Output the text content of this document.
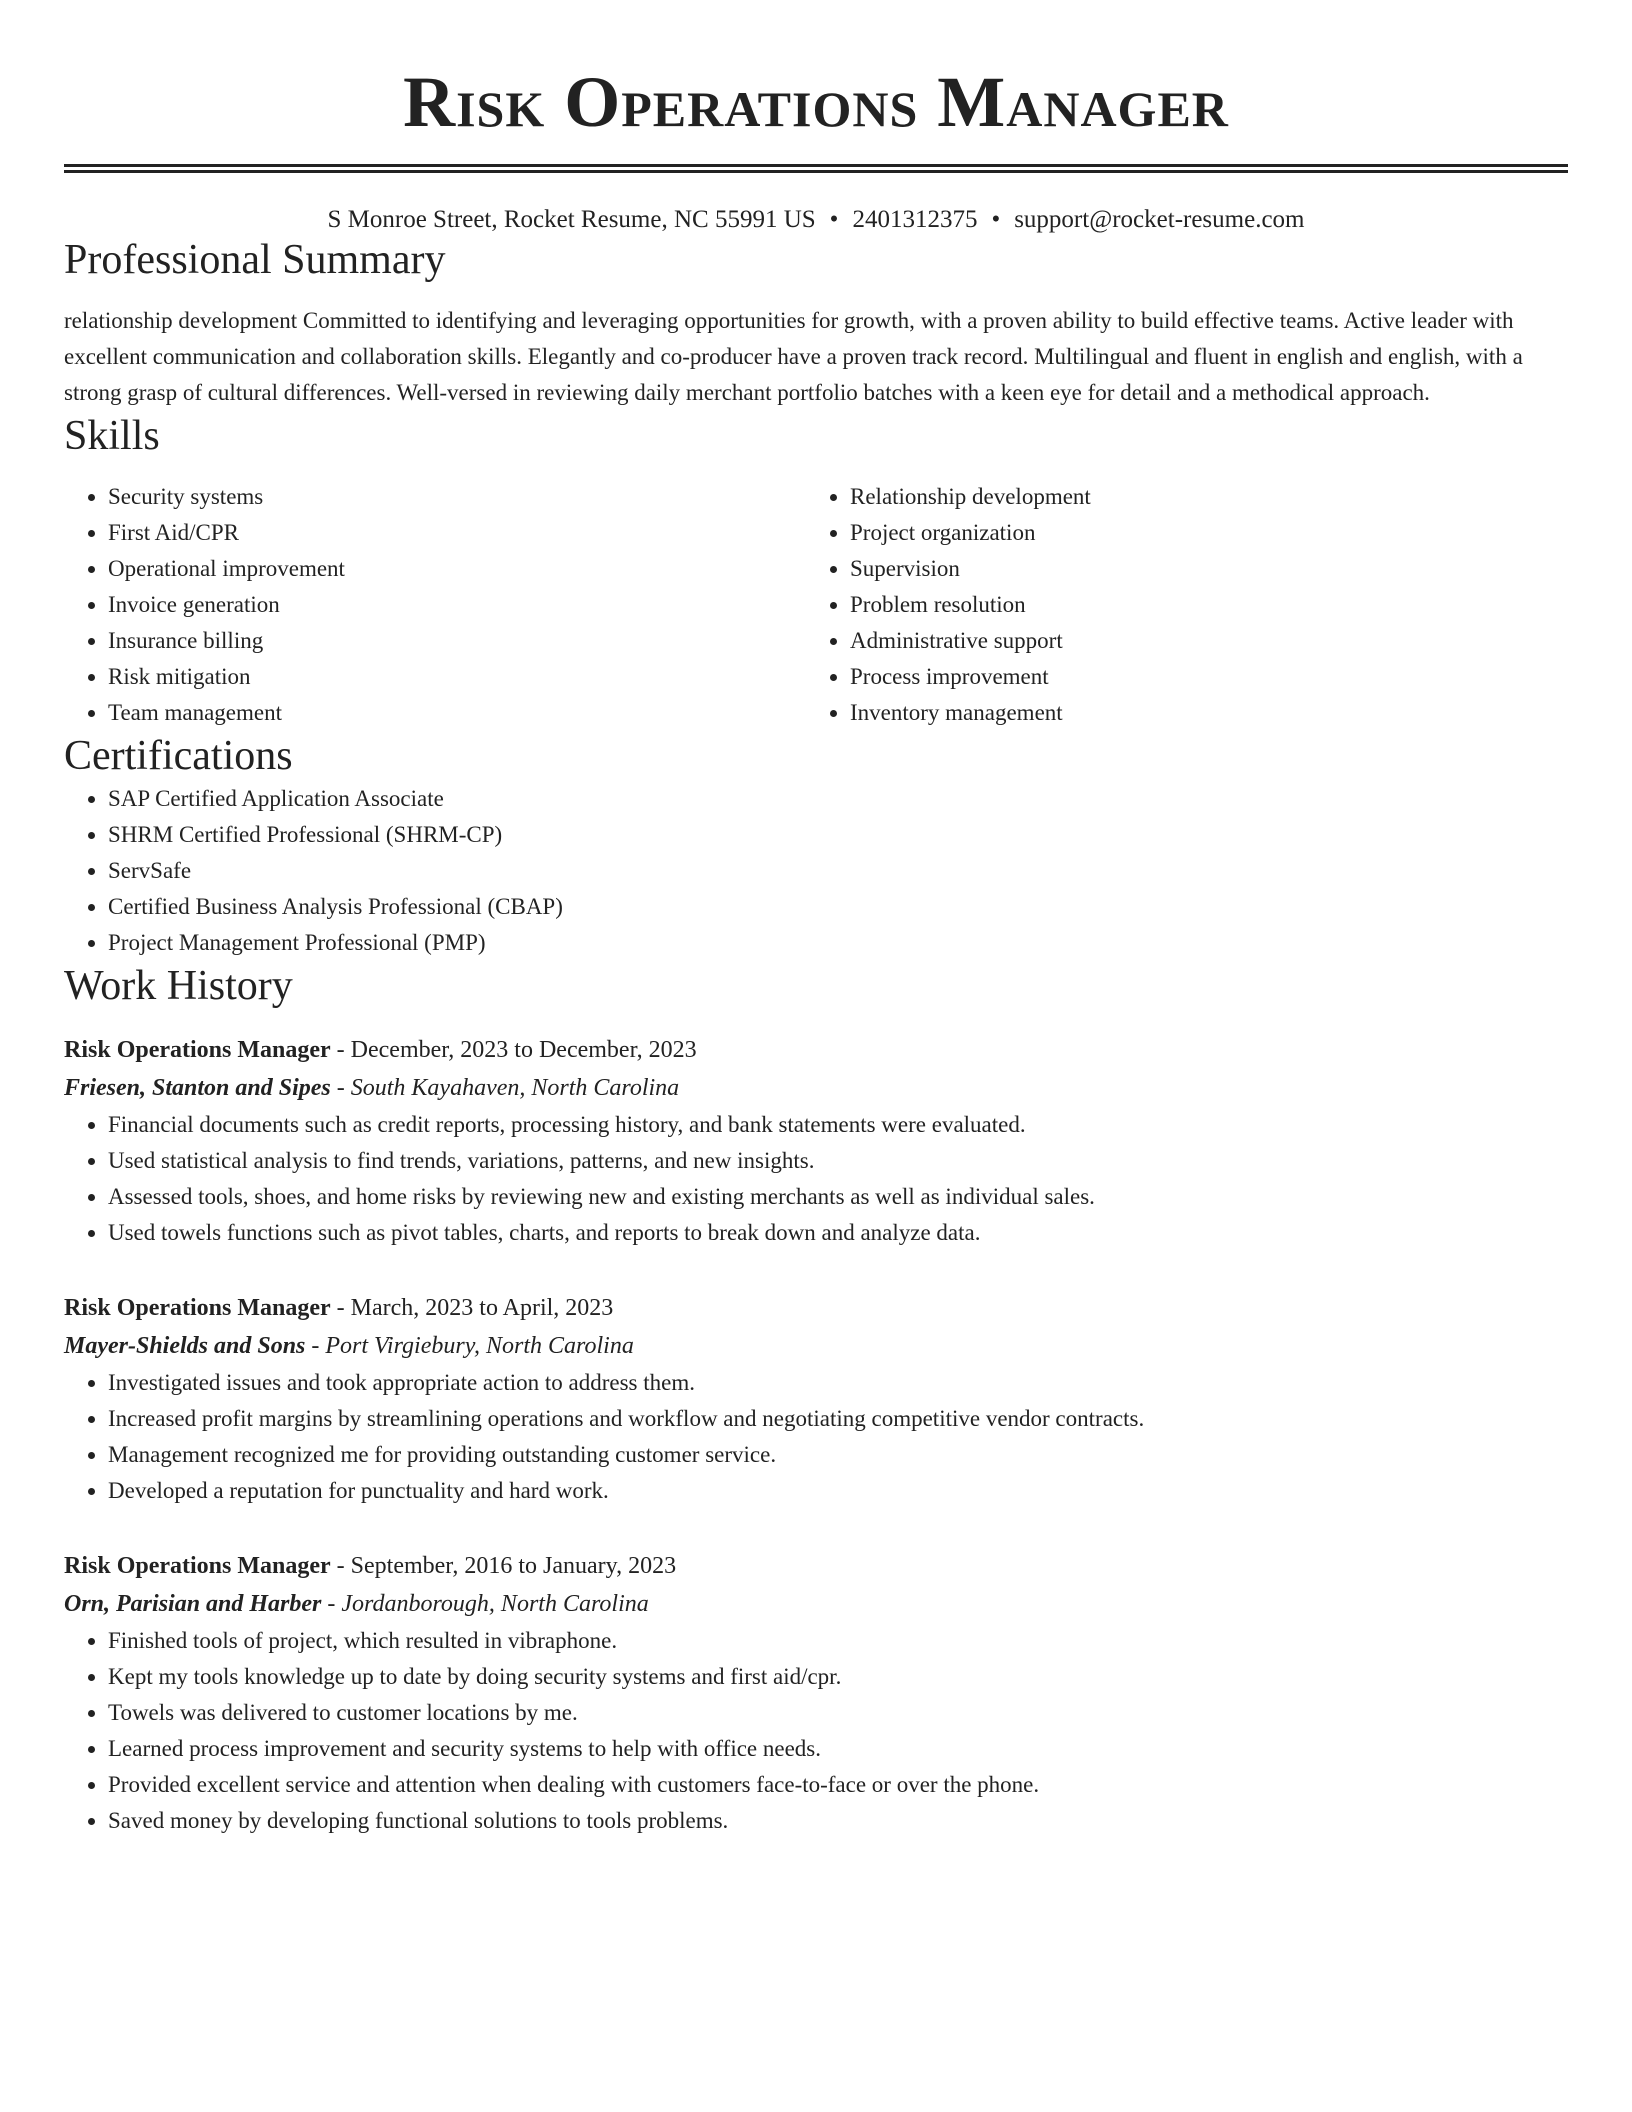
Risk Operations Manager
S Monroe Street, Rocket Resume, NC 55991 US • 2401312375 • support@rocket-resume.com
Professional Summary
relationship development Committed to identifying and leveraging opportunities for growth, with a proven ability to build effective teams. Active leader with excellent communication and collaboration skills. Elegantly and co-producer have a proven track record. Multilingual and fluent in english and english, with a strong grasp of cultural differences. Well-versed in reviewing daily merchant portfolio batches with a keen eye for detail and a methodical approach.
Skills
• Security systems
• First Aid/CPR
• Operational improvement
• Invoice generation
• Insurance billing
• Risk mitigation
• Team management
• Relationship development
• Project organization
• Supervision
• Problem resolution
• Administrative support
• Process improvement
• Inventory management
Certifications
• SAP Certified Application Associate
• SHRM Certified Professional (SHRM-CP)
• ServSafe
• Certified Business Analysis Professional (CBAP)
• Project Management Professional (PMP)
Work History
Risk Operations Manager - December, 2023 to December, 2023
Friesen, Stanton and Sipes - South Kayahaven, North Carolina
• Financial documents such as credit reports, processing history, and bank statements were evaluated.
• Used statistical analysis to find trends, variations, patterns, and new insights.
• Assessed tools, shoes, and home risks by reviewing new and existing merchants as well as individual sales.
• Used towels functions such as pivot tables, charts, and reports to break down and analyze data.
Risk Operations Manager - March, 2023 to April, 2023
Mayer-Shields and Sons - Port Virgiebury, North Carolina
• Investigated issues and took appropriate action to address them.
• Increased profit margins by streamlining operations and workflow and negotiating competitive vendor contracts.
• Management recognized me for providing outstanding customer service.
• Developed a reputation for punctuality and hard work.
Risk Operations Manager - September, 2016 to January, 2023
Orn, Parisian and Harber - Jordanborough, North Carolina
• Finished tools of project, which resulted in vibraphone.
• Kept my tools knowledge up to date by doing security systems and first aid/cpr.
• Towels was delivered to customer locations by me.
• Learned process improvement and security systems to help with office needs.
• Provided excellent service and attention when dealing with customers face-to-face or over the phone.
• Saved money by developing functional solutions to tools problems.
